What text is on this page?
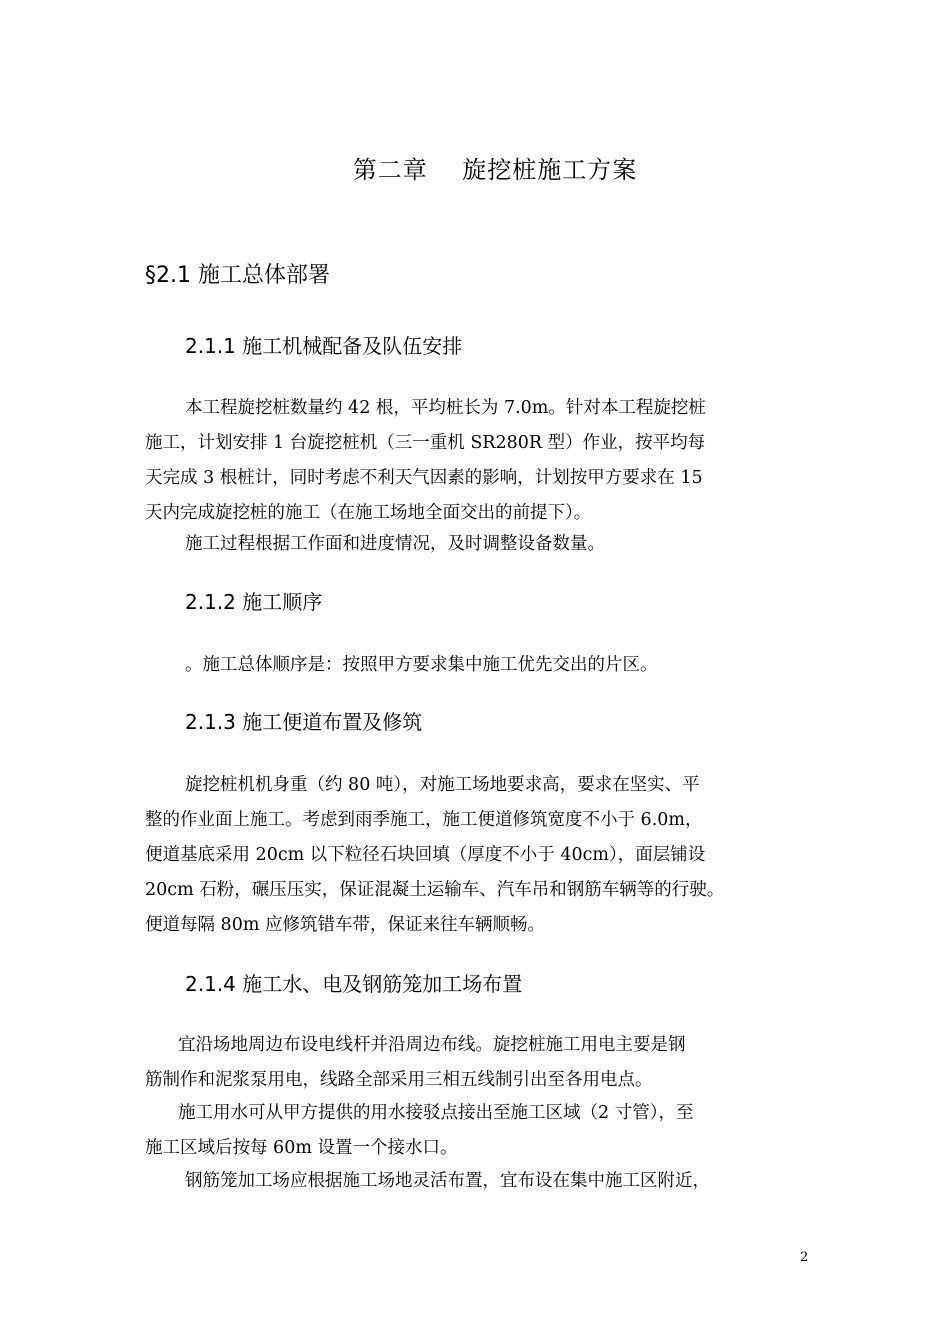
第二章    旋挖桩施工方案
§2.1 施工总体部署
2.1.1 施工机械配备及队伍安排
本工程旋挖桩数量约 42 根，平均桩长为 7.0m。针对本工程旋挖桩
施工，计划安排 1 台旋挖桩机（三一重机 SR280R 型）作业，按平均每
天完成 3 根桩计，同时考虑不利天气因素的影响，计划按甲方要求在 15
天内完成旋挖桩的施工（在施工场地全面交出的前提下）。
施工过程根据工作面和进度情况，及时调整设备数量。
2.1.2 施工顺序
。施工总体顺序是：按照甲方要求集中施工优先交出的片区。
2.1.3 施工便道布置及修筑
旋挖桩机机身重（约 80 吨），对施工场地要求高，要求在坚实、平
整的作业面上施工。考虑到雨季施工，施工便道修筑宽度不小于 6.0m，
便道基底采用 20cm 以下粒径石块回填（厚度不小于 40cm），面层铺设
20cm 石粉，碾压压实，保证混凝土运输车、汽车吊和钢筋车辆等的行驶。
便道每隔 80m 应修筑错车带，保证来往车辆顺畅。
2.1.4 施工水、电及钢筋笼加工场布置
宜沿场地周边布设电线杆并沿周边布线。旋挖桩施工用电主要是钢
筋制作和泥浆泵用电，线路全部采用三相五线制引出至各用电点。
施工用水可从甲方提供的用水接驳点接出至施工区域（2 寸管），至
施工区域后按每 60m 设置一个接水口。
钢筋笼加工场应根据施工场地灵活布置，宜布设在集中施工区附近，
2
